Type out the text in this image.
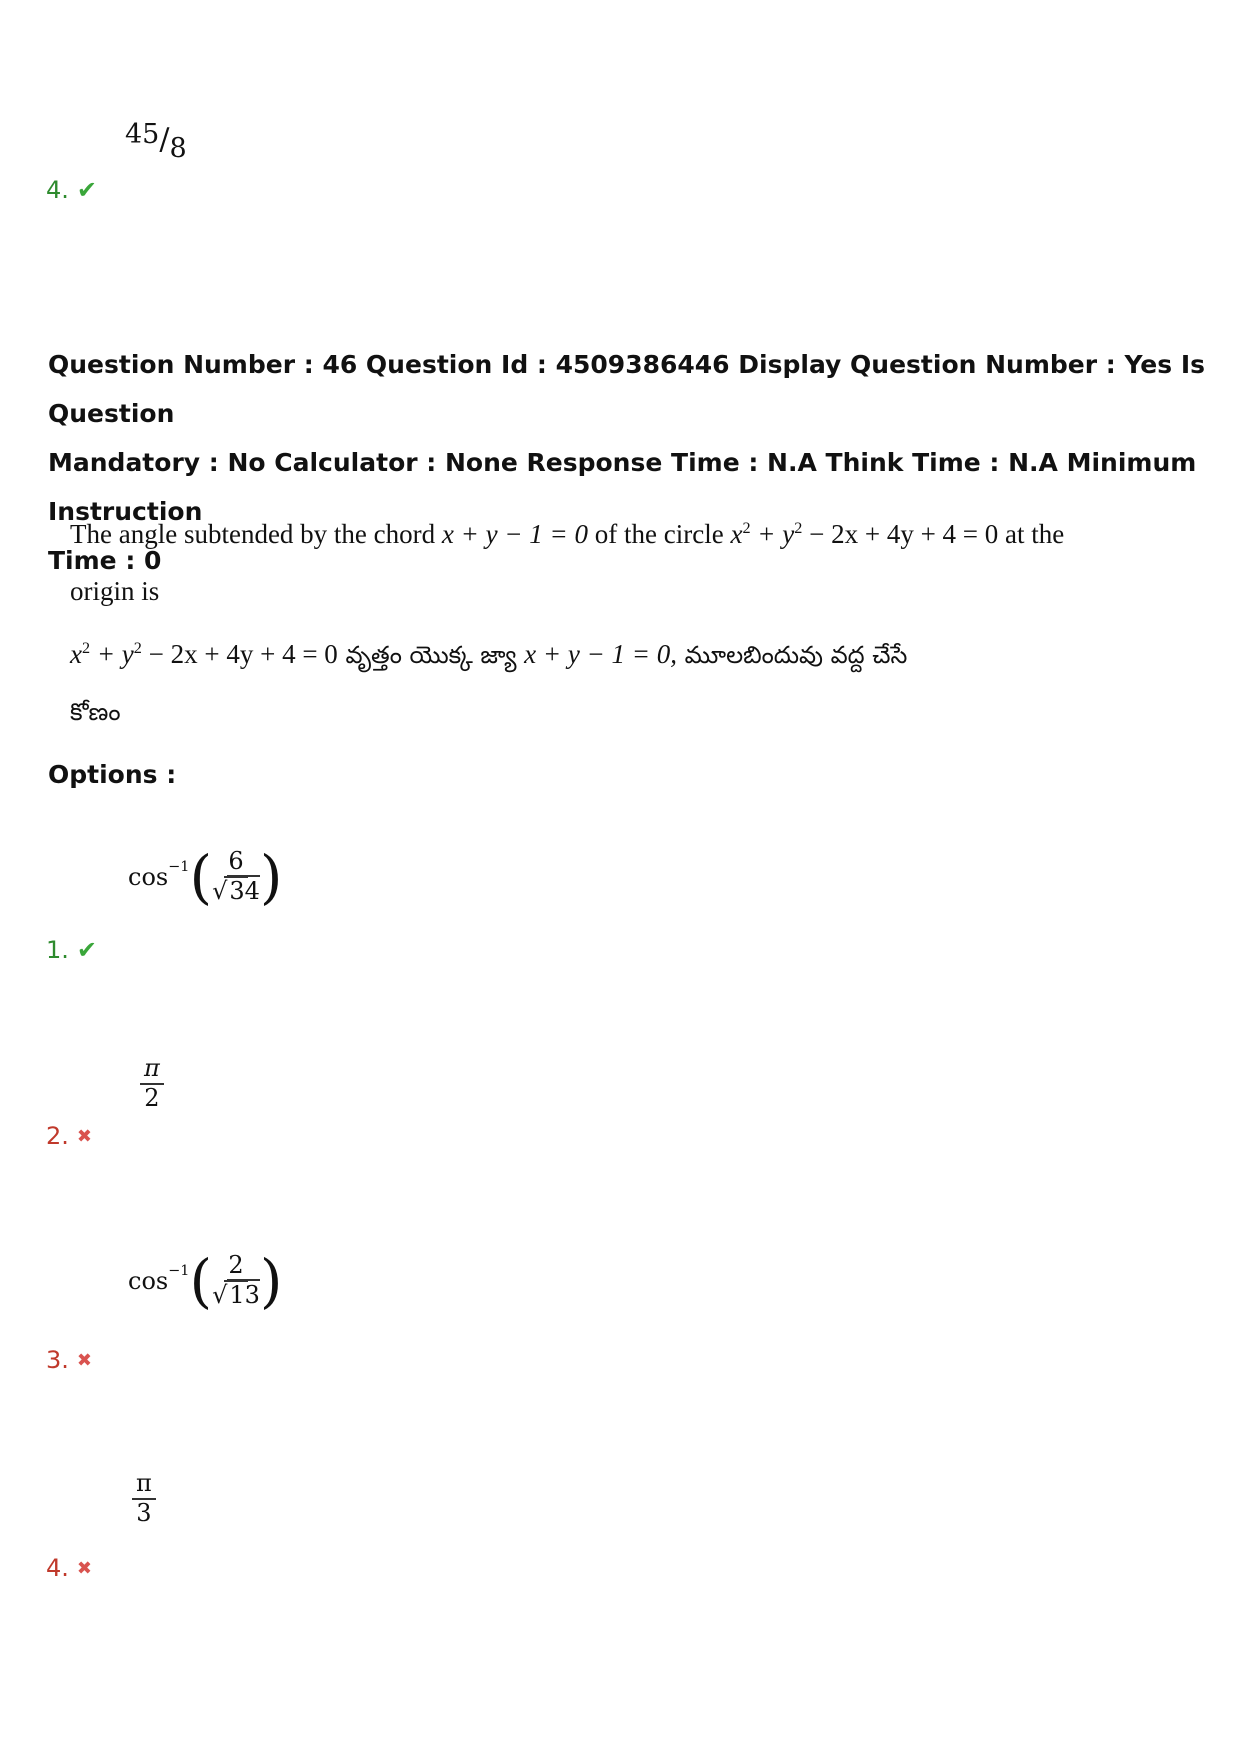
45/8
4. ✔
Question Number : 46 Question Id : 4509386446 Display Question Number : Yes Is Question
Mandatory : No Calculator : None Response Time : N.A Think Time : N.A Minimum Instruction
Time : 0
The angle subtended by the chord x + y − 1 = 0 of the circle $x^2 + y^2 - 2x + 4y + 4 = 0$ at the
origin is
$x^2 + y^2 - 2x + 4y + 4 = 0$ వృత్తం యొక్క జ్యా x + y − 1 = 0, మూలబిందువు వద్ద చేసే
కోణం
Options :
$\cos^{-1}$ ( $\frac{6}{√34}$ )
1. ✔
$\frac{\pi}{2}$
2. ✖
$\cos^{-1}$ ( $\frac{2}{√13}$ )
3. ✖
$\frac{\pi}{3}$
4. ✖
